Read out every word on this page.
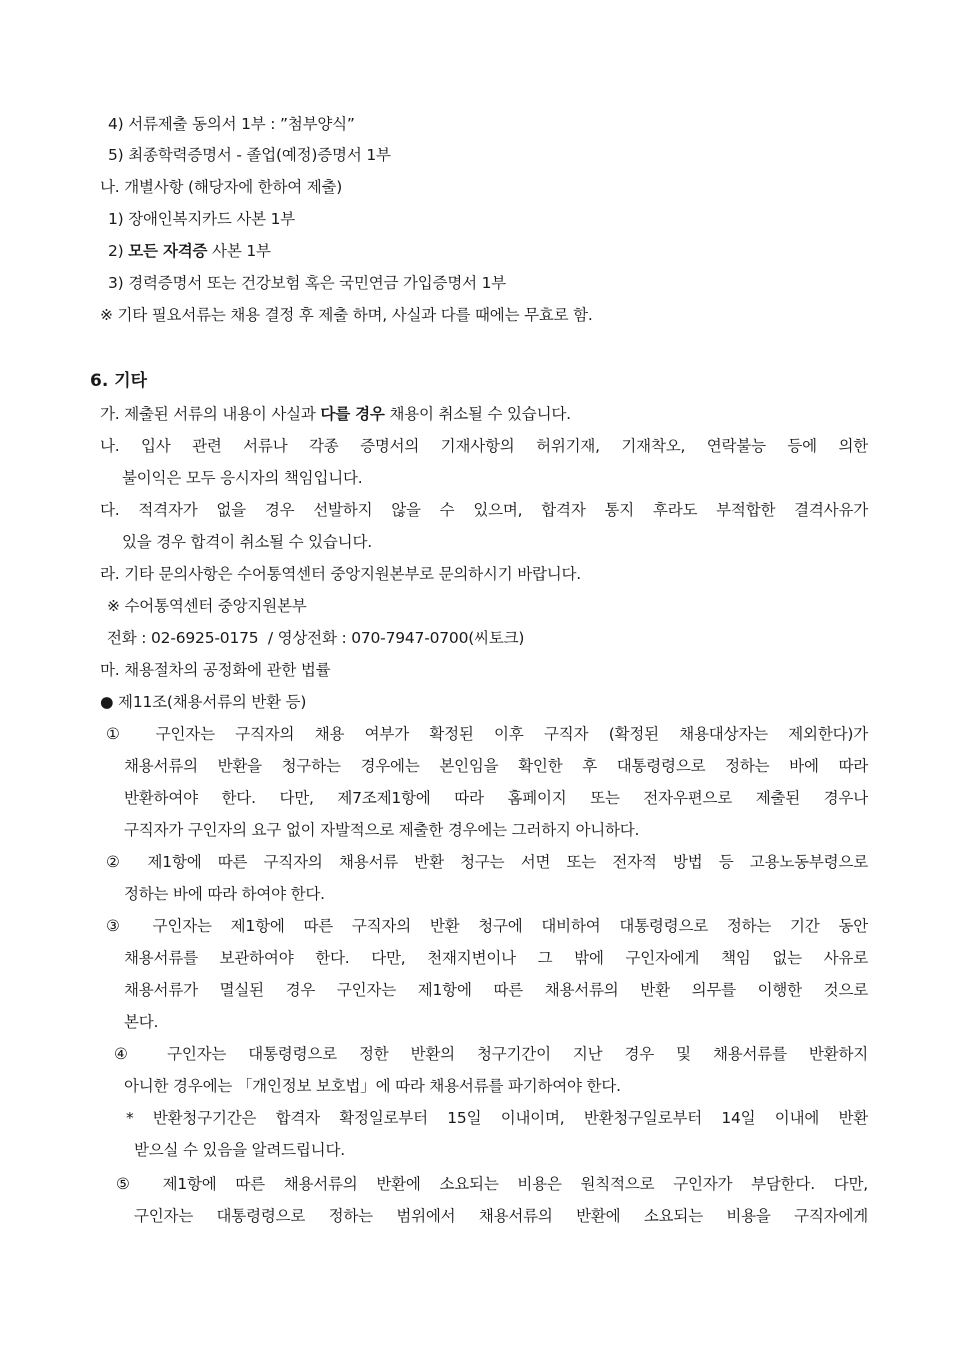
4) 서류제출 동의서 1부 : ”첨부양식”
5) 최종학력증명서 - 졸업(예정)증명서 1부
나. 개별사항 (해당자에 한하여 제출)
1) 장애인복지카드 사본 1부
2) 모든 자격증 사본 1부
3) 경력증명서 또는 건강보험 혹은 국민연금 가입증명서 1부
※ 기타 필요서류는 채용 결정 후 제출 하며, 사실과 다를 때에는 무효로 함.
6. 기타
가. 제출된 서류의 내용이 사실과 다를 경우 채용이 취소될 수 있습니다.
나. 입사 관련 서류나 각종 증명서의 기재사항의 허위기재, 기재착오, 연락불능 등에 의한
불이익은 모두 응시자의 책임입니다.
다. 적격자가 없을 경우 선발하지 않을 수 있으며, 합격자 통지 후라도 부적합한 결격사유가
있을 경우 합격이 취소될 수 있습니다.
라. 기타 문의사항은 수어통역센터 중앙지원본부로 문의하시기 바랍니다.
※ 수어통역센터 중앙지원본부
전화 : 02-6925-0175  / 영상전화 : 070-7947-0700(씨토크)
마. 채용절차의 공정화에 관한 법률
● 제11조(채용서류의 반환 등)
① 구인자는 구직자의 채용 여부가 확정된 이후 구직자 (확정된 채용대상자는 제외한다)가
채용서류의 반환을 청구하는 경우에는 본인임을 확인한 후 대통령령으로 정하는 바에 따라
반환하여야 한다. 다만, 제7조제1항에 따라 홈페이지 또는 전자우편으로 제출된 경우나
구직자가 구인자의 요구 없이 자발적으로 제출한 경우에는 그러하지 아니하다.
② 제1항에 따른 구직자의 채용서류 반환 청구는 서면 또는 전자적 방법 등 고용노동부령으로
정하는 바에 따라 하여야 한다.
③ 구인자는 제1항에 따른 구직자의 반환 청구에 대비하여 대통령령으로 정하는 기간 동안
채용서류를 보관하여야 한다. 다만, 천재지변이나 그 밖에 구인자에게 책임 없는 사유로
채용서류가 멸실된 경우 구인자는 제1항에 따른 채용서류의 반환 의무를 이행한 것으로
본다.
④ 구인자는 대통령령으로 정한 반환의 청구기간이 지난 경우 및 채용서류를 반환하지
아니한 경우에는 「개인정보 보호법」에 따라 채용서류를 파기하여야 한다.
* 반환청구기간은 합격자 확정일로부터 15일 이내이며, 반환청구일로부터 14일 이내에 반환
받으실 수 있음을 알려드립니다.
⑤ 제1항에 따른 채용서류의 반환에 소요되는 비용은 원칙적으로 구인자가 부담한다. 다만,
구인자는 대통령령으로 정하는 범위에서 채용서류의 반환에 소요되는 비용을 구직자에게
